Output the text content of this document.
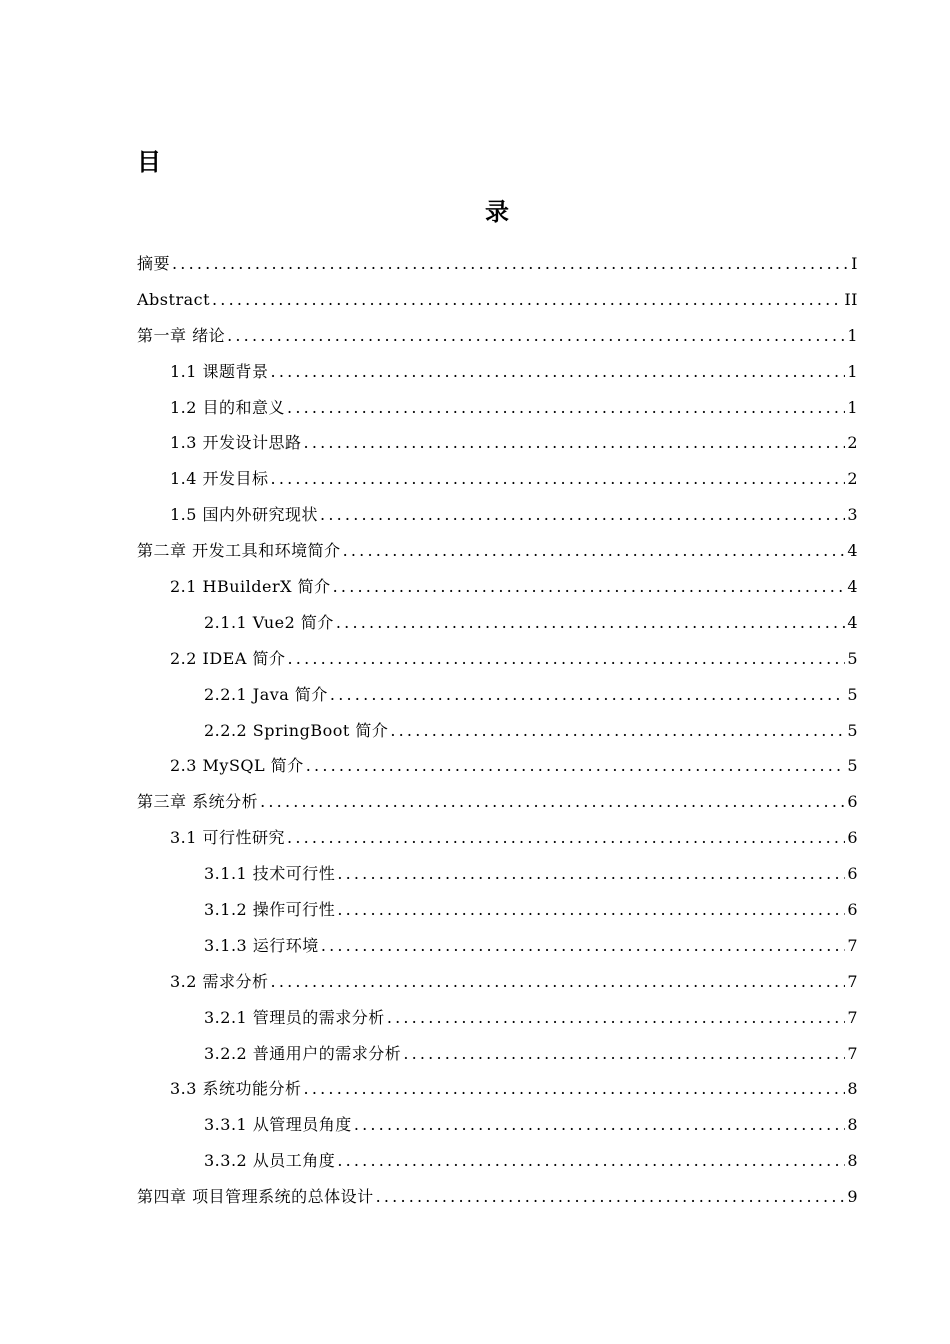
目
录
摘要 .....	I
Abstract .....	II
第一章 绪论 .....	1
1.1 课题背景 .....	1
1.2 目的和意义 .....	1
1.3 开发设计思路 .....	2
1.4 开发目标 .....	2
1.5 国内外研究现状 .....	3
第二章 开发工具和环境简介 .....	4
2.1 HBuilderX 简介 .....	4
2.1.1 Vue2 简介 .....	4
2.2 IDEA 简介 .....	5
2.2.1 Java 简介 .....	5
2.2.2 SpringBoot 简介 .....	5
2.3 MySQL 简介 .....	5
第三章 系统分析 .....	6
3.1 可行性研究 .....	6
3.1.1 技术可行性 .....	6
3.1.2 操作可行性 .....	6
3.1.3 运行环境 .....	7
3.2 需求分析 .....	7
3.2.1 管理员的需求分析 .....	7
3.2.2 普通用户的需求分析 .....	7
3.3 系统功能分析 .....	8
3.3.1 从管理员角度 .....	8
3.3.2 从员工角度 .....	8
第四章 项目管理系统的总体设计 .....	9
